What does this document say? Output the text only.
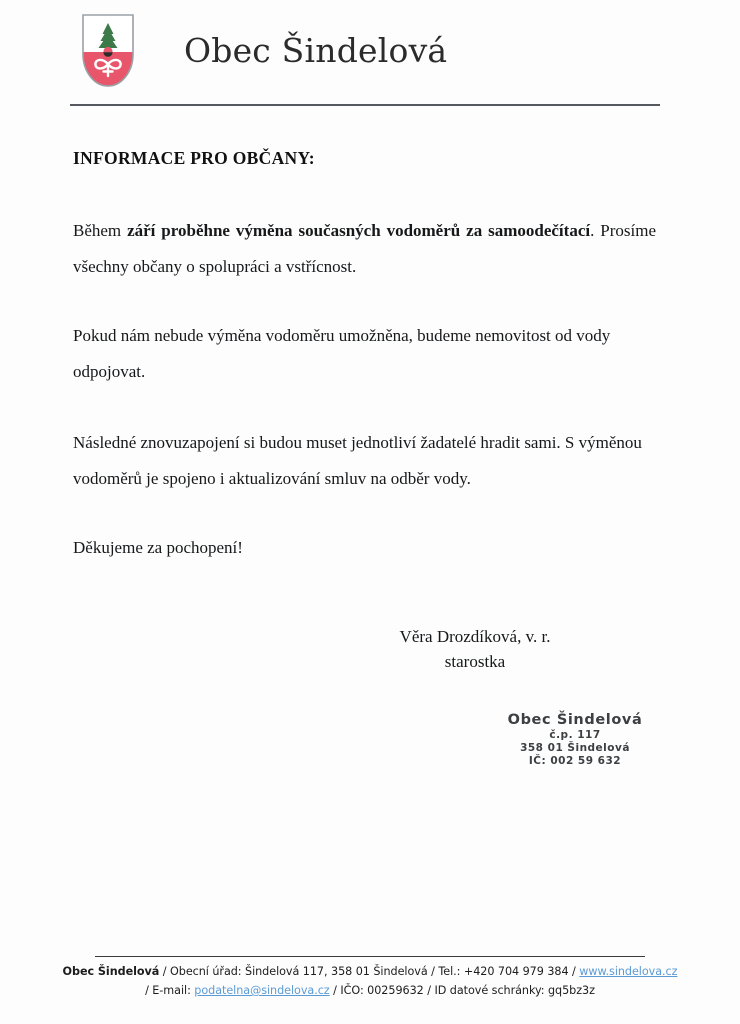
Obec Šindelová
INFORMACE PRO OBČANY:

Během září proběhne výměna současných vodoměrů za samoodečítací. Prosíme všechny občany o spolupráci a vstřícnost.

Pokud nám nebude výměna vodoměru umožněna, budeme nemovitost od vody odpojovat.

Následné znovuzapojení si budou muset jednotliví žadatelé hradit sami. S výměnou vodoměrů je spojeno i aktualizování smluv na odběr vody.

Děkujeme za pochopení!

Věra Drozdíková, v. r.
starostka
Obec Šindelová
č.p. 117
358 01 Šindelová
IČ: 002 59 632
Obec Šindelová / Obecní úřad: Šindelová 117, 358 01 Šindelová / Tel.: +420 704 979 384 / www.sindelova.cz / E-mail: podatelna@sindelova.cz / IČO: 00259632 / ID datové schránky: gq5bz3z
